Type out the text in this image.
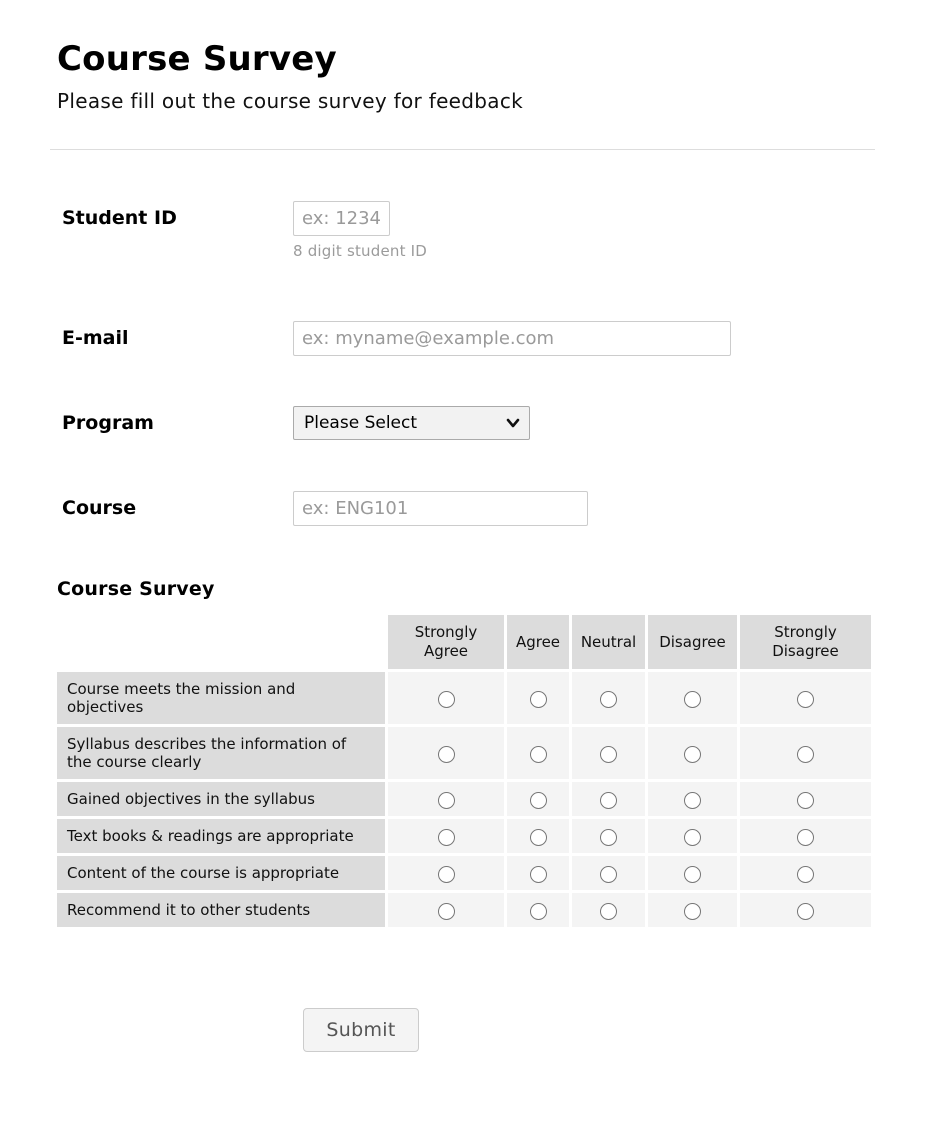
Course Survey
Please fill out the course survey for feedback
Student ID
ex: 12345678
8 digit student ID
E-mail
ex: myname@example.com
Program
Please Select
Course
ex: ENG101
Course Survey
	Strongly Agree	Agree	Neutral	Disagree	Strongly Disagree
Course meets the mission and objectives					
Syllabus describes the information of the course clearly					
Gained objectives in the syllabus					
Text books & readings are appropriate					
Content of the course is appropriate					
Recommend it to other students					
Submit
